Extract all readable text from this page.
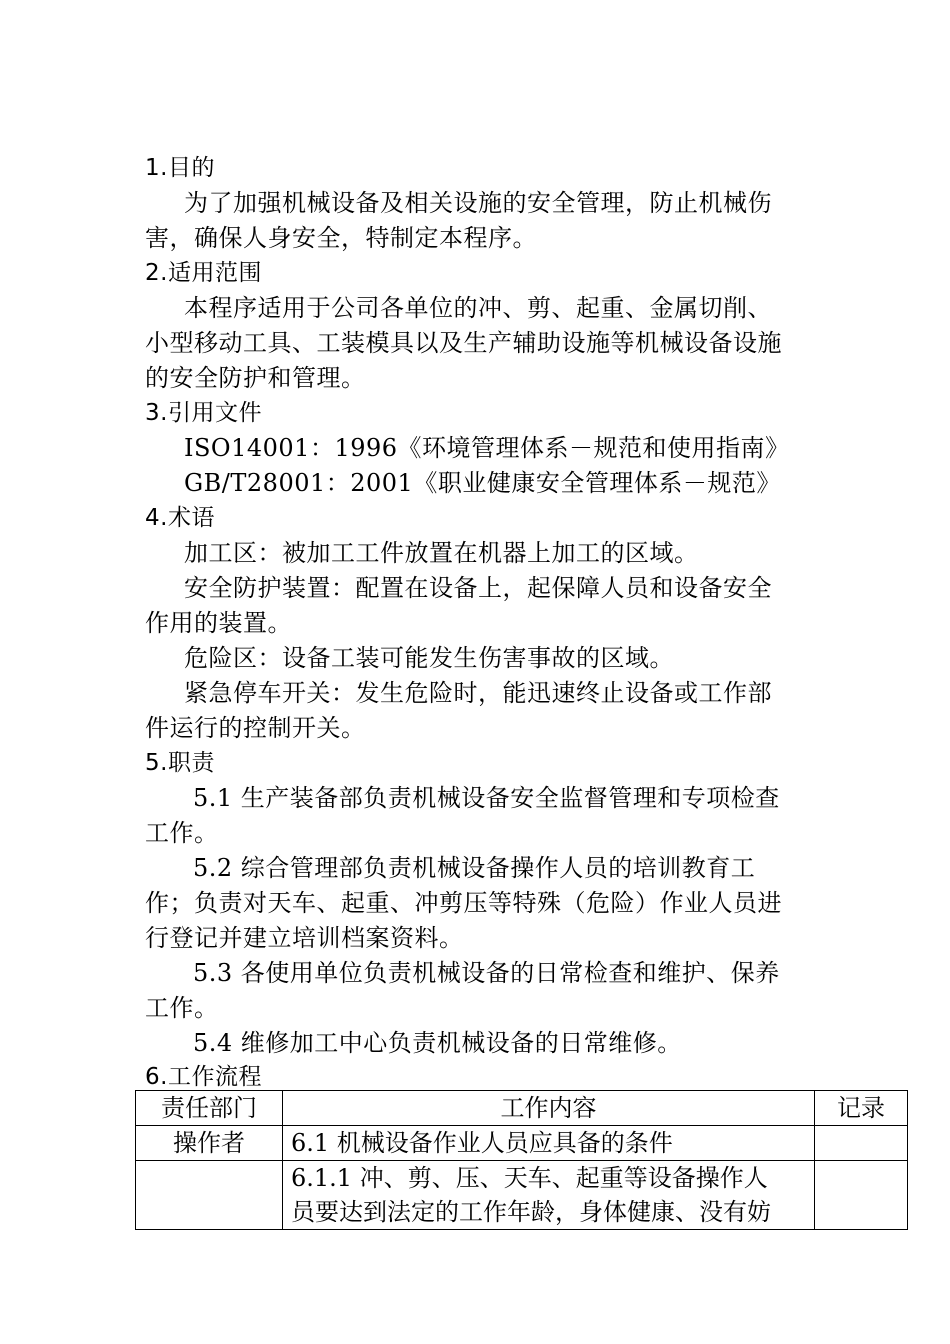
1.目的
为了加强机械设备及相关设施的安全管理，防止机械伤
害，确保人身安全，特制定本程序。
2.适用范围
本程序适用于公司各单位的冲、剪、起重、金属切削、
小型移动工具、工装模具以及生产辅助设施等机械设备设施
的安全防护和管理。
3.引用文件
ISO14001：1996《环境管理体系－规范和使用指南》
GB/T28001：2001《职业健康安全管理体系－规范》
4.术语
加工区：被加工工件放置在机器上加工的区域。
安全防护装置：配置在设备上，起保障人员和设备安全
作用的装置。
危险区：设备工装可能发生伤害事故的区域。
紧急停车开关：发生危险时，能迅速终止设备或工作部
件运行的控制开关。
5.职责
5.1 生产装备部负责机械设备安全监督管理和专项检查
工作。
5.2 综合管理部负责机械设备操作人员的培训教育工
作；负责对天车、起重、冲剪压等特殊（危险）作业人员进
行登记并建立培训档案资料。
5.3 各使用单位负责机械设备的日常检查和维护、保养
工作。
5.4 维修加工中心负责机械设备的日常维修。
6.工作流程
责任部门	工作内容	记录
操作者	6.1 机械设备作业人员应具备的条件	

	6.1.1 冲、剪、压、天车、起重等设备操作人
员要达到法定的工作年龄，身体健康、没有妨	
